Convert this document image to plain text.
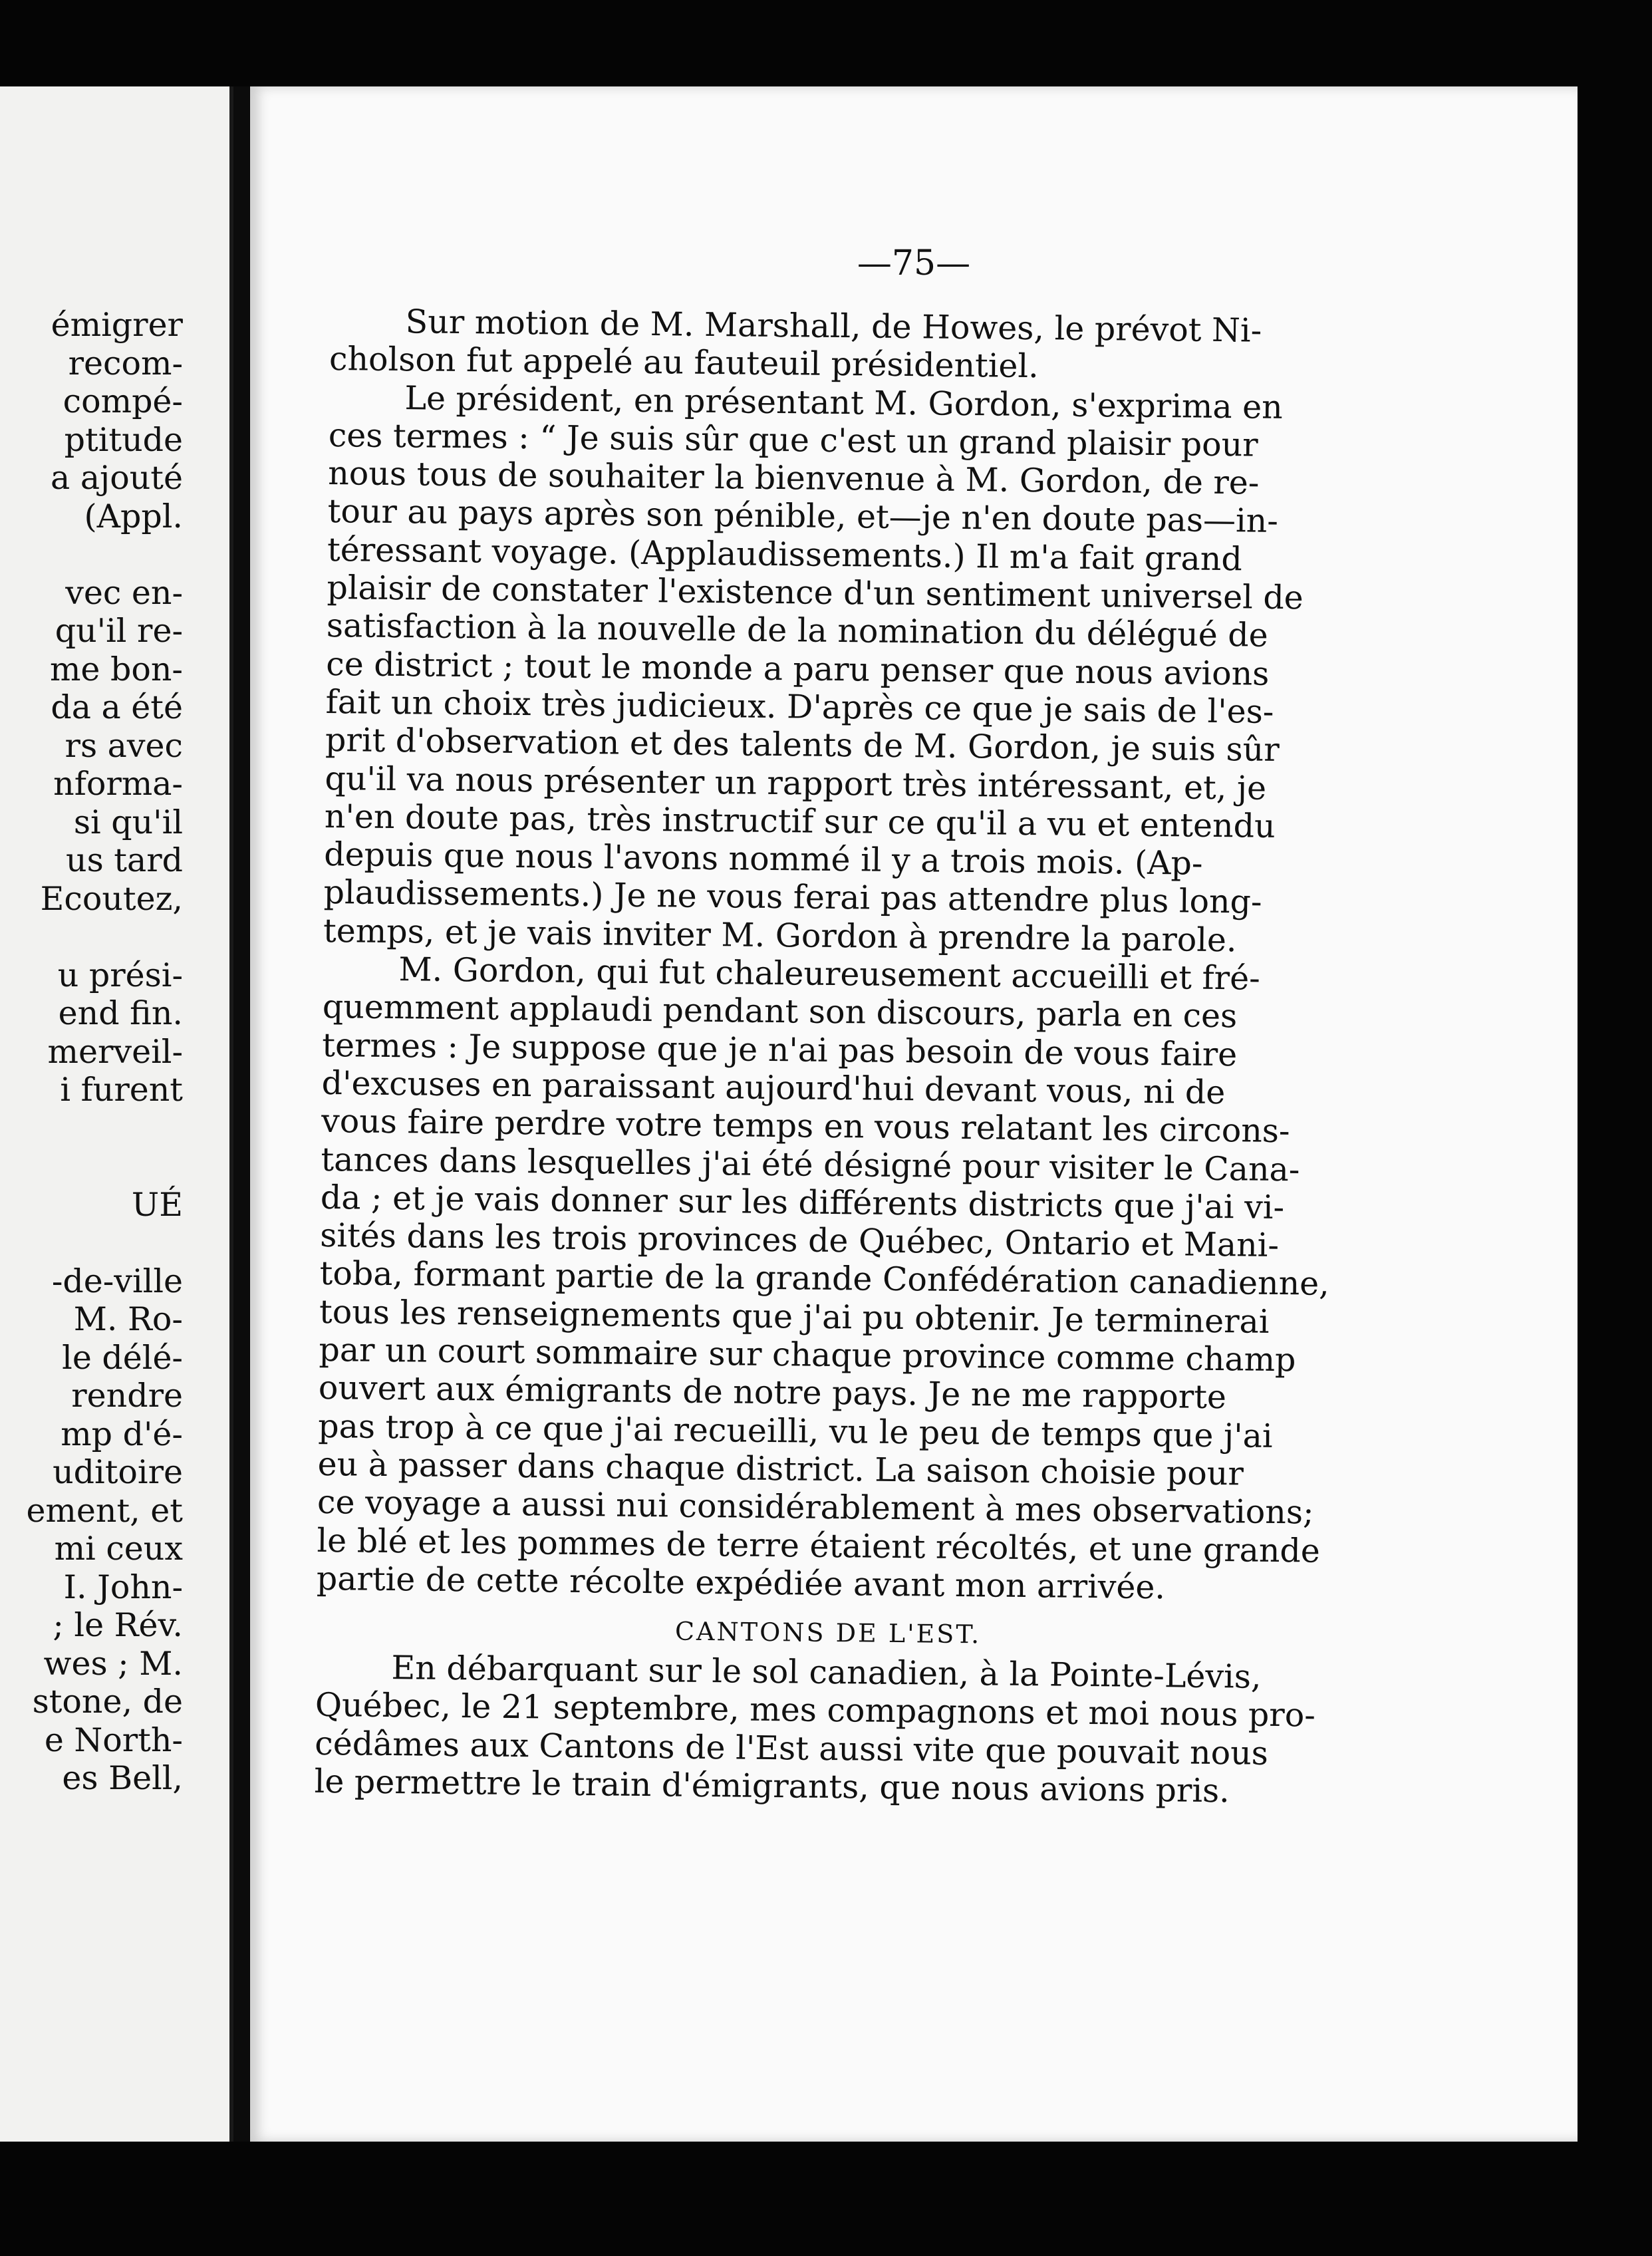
émigrer
recom-
compé-
ptitude
a ajouté
(Appl.
vec en-
qu'il re-
me bon-
da a été
rs avec
nforma-
si qu'il
us tard
Ecoutez,
u prési-
end fin.
merveil-
i furent
UÉ
-de-ville
M. Ro-
le délé-
rendre
mp d'é-
uditoire
ement, et
mi ceux
I. John-
; le Rév.
wes ; M.
stone, de
e North-
es Bell,
—75—
Sur motion de M. Marshall, de Howes, le prévot Ni-
cholson fut appelé au fauteuil présidentiel.
Le président, en présentant M. Gordon, s'exprima en
ces termes : “ Je suis sûr que c'est un grand plaisir pour
nous tous de souhaiter la bienvenue à M. Gordon, de re-
tour au pays après son pénible, et—je n'en doute pas—in-
téressant voyage. (Applaudissements.) Il m'a fait grand
plaisir de constater l'existence d'un sentiment universel de
satisfaction à la nouvelle de la nomination du délégué de
ce district ; tout le monde a paru penser que nous avions
fait un choix très judicieux. D'après ce que je sais de l'es-
prit d'observation et des talents de M. Gordon, je suis sûr
qu'il va nous présenter un rapport très intéressant, et, je
n'en doute pas, très instructif sur ce qu'il a vu et entendu
depuis que nous l'avons nommé il y a trois mois. (Ap-
plaudissements.) Je ne vous ferai pas attendre plus long-
temps, et je vais inviter M. Gordon à prendre la parole.
M. Gordon, qui fut chaleureusement accueilli et fré-
quemment applaudi pendant son discours, parla en ces
termes : Je suppose que je n'ai pas besoin de vous faire
d'excuses en paraissant aujourd'hui devant vous, ni de
vous faire perdre votre temps en vous relatant les circons-
tances dans lesquelles j'ai été désigné pour visiter le Cana-
da ; et je vais donner sur les différents districts que j'ai vi-
sités dans les trois provinces de Québec, Ontario et Mani-
toba, formant partie de la grande Confédération canadienne,
tous les renseignements que j'ai pu obtenir. Je terminerai
par un court sommaire sur chaque province comme champ
ouvert aux émigrants de notre pays. Je ne me rapporte
pas trop à ce que j'ai recueilli, vu le peu de temps que j'ai
eu à passer dans chaque district. La saison choisie pour
ce voyage a aussi nui considérablement à mes observations;
le blé et les pommes de terre étaient récoltés, et une grande
partie de cette récolte expédiée avant mon arrivée.
CANTONS DE L'EST.
En débarquant sur le sol canadien, à la Pointe-Lévis,
Québec, le 21 septembre, mes compagnons et moi nous pro-
cédâmes aux Cantons de l'Est aussi vite que pouvait nous
le permettre le train d'émigrants, que nous avions pris.
